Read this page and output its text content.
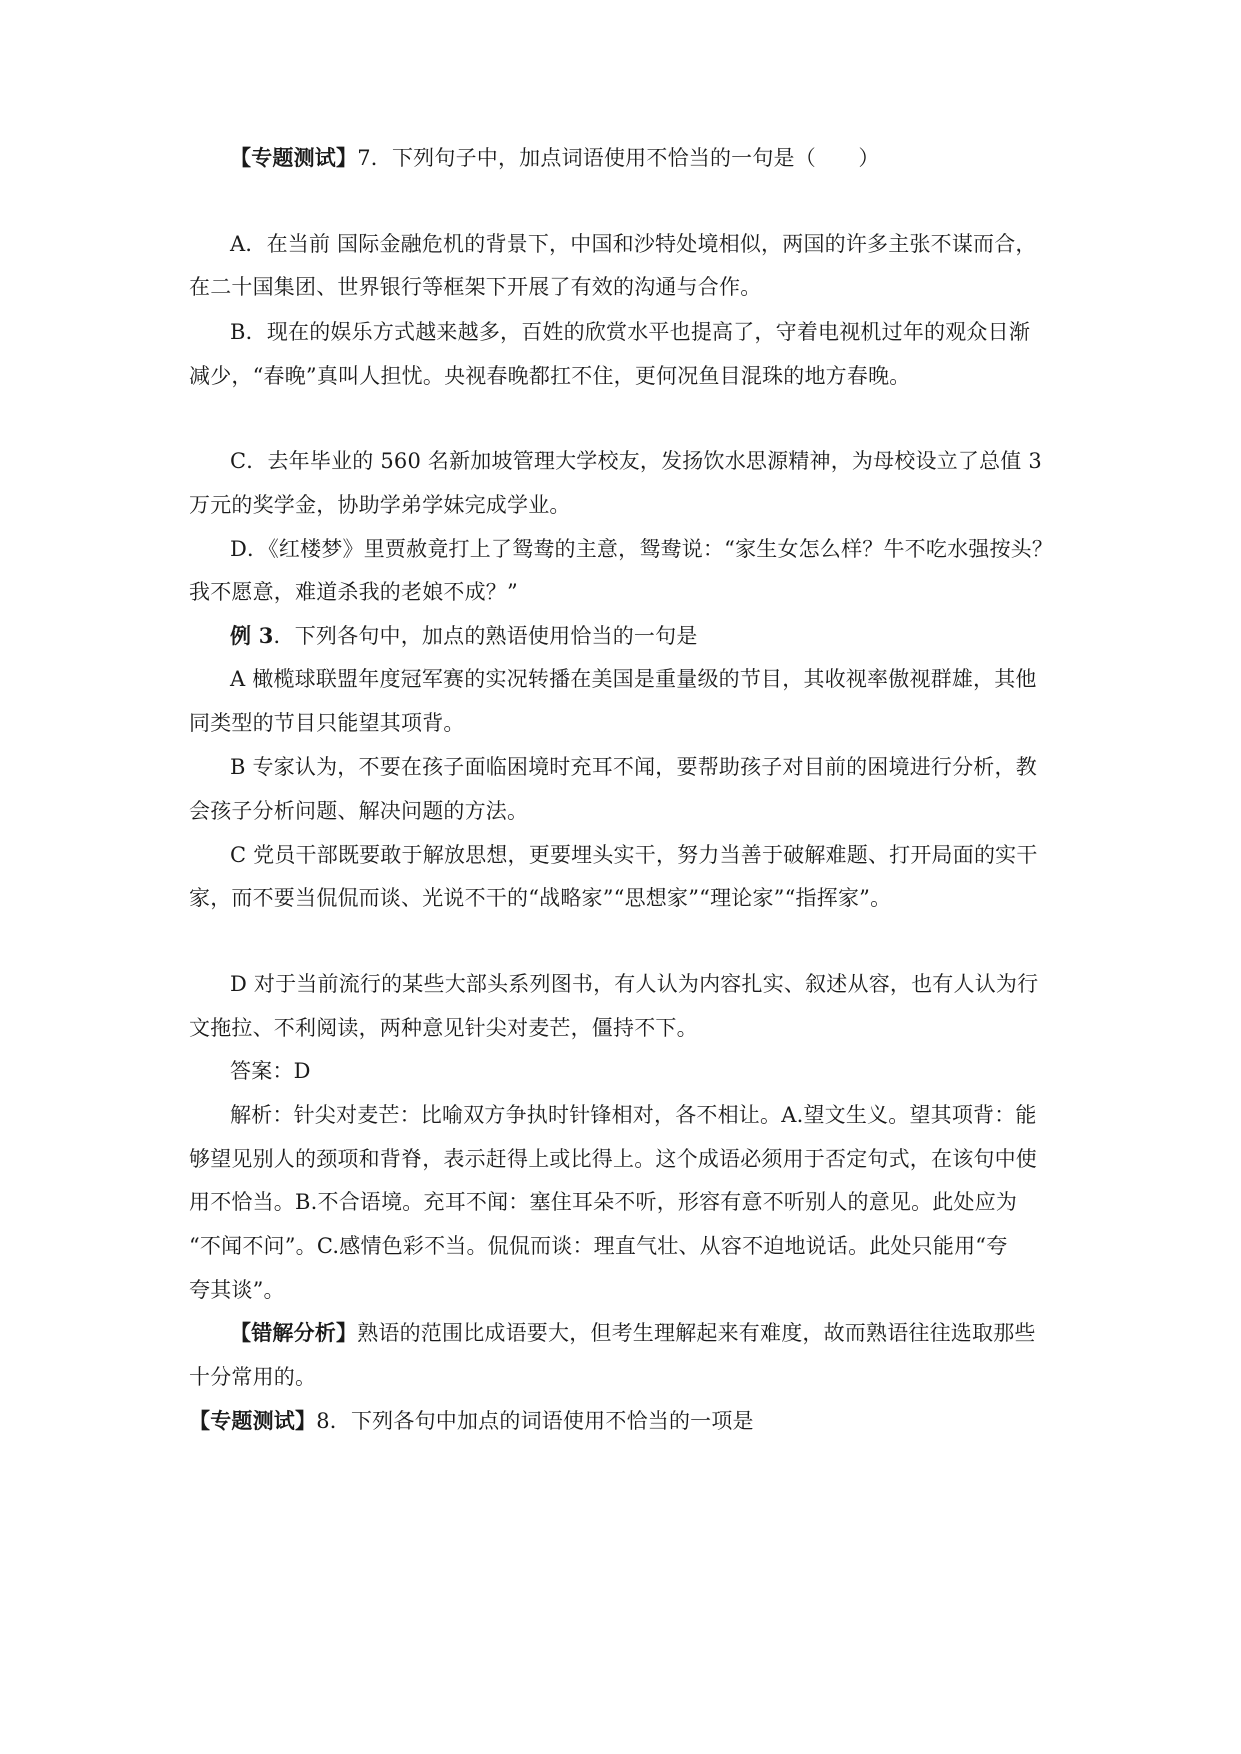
【专题测试】7．下列句子中，加点词语使用不恰当的一句是（　　）
A．在当前 国际金融危机的背景下，中国和沙特处境相似，两国的许多主张不谋而合，
在二十国集团、世界银行等框架下开展了有效的沟通与合作。
B．现在的娱乐方式越来越多，百姓的欣赏水平也提高了，守着电视机过年的观众日渐
减少，“春晚”真叫人担忧。央视春晚都扛不住，更何况鱼目混珠的地方春晚。
C．去年毕业的 560 名新加坡管理大学校友，发扬饮水思源精神，为母校设立了总值 3
万元的奖学金，协助学弟学妹完成学业。
D．《红楼梦》里贾赦竟打上了鸳鸯的主意，鸳鸯说：“家生女怎么样？牛不吃水强按头？
我不愿意，难道杀我的老娘不成？”
例 3．下列各句中，加点的熟语使用恰当的一句是
A 橄榄球联盟年度冠军赛的实况转播在美国是重量级的节目，其收视率傲视群雄，其他
同类型的节目只能望其项背。
B 专家认为，不要在孩子面临困境时充耳不闻，要帮助孩子对目前的困境进行分析，教
会孩子分析问题、解决问题的方法。
C 党员干部既要敢于解放思想，更要埋头实干，努力当善于破解难题、打开局面的实干
家，而不要当侃侃而谈、光说不干的“战略家”“思想家”“理论家”“指挥家”。
D 对于当前流行的某些大部头系列图书，有人认为内容扎实、叙述从容，也有人认为行
文拖拉、不利阅读，两种意见针尖对麦芒，僵持不下。
答案：D
解析：针尖对麦芒：比喻双方争执时针锋相对，各不相让。A.望文生义。望其项背：能
够望见别人的颈项和背脊，表示赶得上或比得上。这个成语必须用于否定句式，在该句中使
用不恰当。B.不合语境。充耳不闻：塞住耳朵不听，形容有意不听别人的意见。此处应为
“不闻不问”。C.感情色彩不当。侃侃而谈：理直气壮、从容不迫地说话。此处只能用“夸
夸其谈”。
【错解分析】熟语的范围比成语要大，但考生理解起来有难度，故而熟语往往选取那些
十分常用的。
【专题测试】8．下列各句中加点的词语使用不恰当的一项是
